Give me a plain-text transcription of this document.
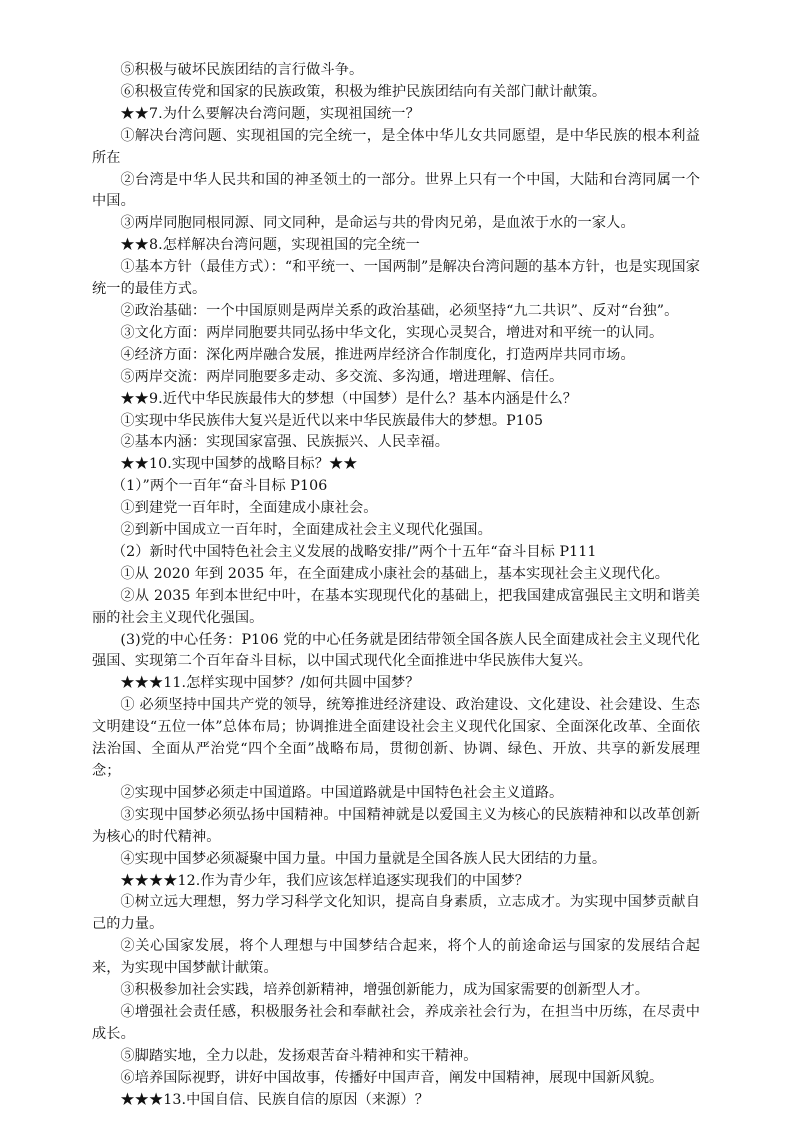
⑤积极与破坏民族团结的言行做斗争。

⑥积极宣传党和国家的民族政策，积极为维护民族团结向有关部门献计献策。

★★7.为什么要解决台湾问题，实现祖国统一？

①解决台湾问题、实现祖国的完全统一，是全体中华儿女共同愿望，是中华民族的根本利益所在

②台湾是中华人民共和国的神圣领土的一部分。世界上只有一个中国，大陆和台湾同属一个中国。

③两岸同胞同根同源、同文同种，是命运与共的骨肉兄弟，是血浓于水的一家人。

★★8.怎样解决台湾问题，实现祖国的完全统一

①基本方针（最佳方式）：“和平统一、一国两制”是解决台湾问题的基本方针，也是实现国家统一的最佳方式。

②政治基础：一个中国原则是两岸关系的政治基础，必须坚持“九二共识”、反对“台独”。

③文化方面：两岸同胞要共同弘扬中华文化，实现心灵契合，增进对和平统一的认同。

④经济方面：深化两岸融合发展，推进两岸经济合作制度化，打造两岸共同市场。

⑤两岸交流：两岸同胞要多走动、多交流、多沟通，增进理解、信任。

★★9.近代中华民族最伟大的梦想（中国梦）是什么？基本内涵是什么？

①实现中华民族伟大复兴是近代以来中华民族最伟大的梦想。P105

②基本内涵：实现国家富强、民族振兴、人民幸福。

★★10.实现中国梦的战略目标？★★

（1）”两个一百年“奋斗目标 P106

①到建党一百年时，全面建成小康社会。

②到新中国成立一百年时，全面建成社会主义现代化强国。

（2）新时代中国特色社会主义发展的战略安排/”两个十五年“奋斗目标 P111

①从 2020 年到 2035 年，在全面建成小康社会的基础上，基本实现社会主义现代化。

②从 2035 年到本世纪中叶，在基本实现现代化的基础上，把我国建成富强民主文明和谐美丽的社会主义现代化强国。

(3)党的中心任务：P106 党的中心任务就是团结带领全国各族人民全面建成社会主义现代化强国、实现第二个百年奋斗目标，以中国式现代化全面推进中华民族伟大复兴。

★★★11.怎样实现中国梦？/如何共圆中国梦？

① 必须坚持中国共产党的领导，统筹推进经济建设、政治建设、文化建设、社会建设、生态文明建设“五位一体”总体布局；协调推进全面建设社会主义现代化国家、全面深化改革、全面依法治国、全面从严治党“四个全面”战略布局，贯彻创新、协调、绿色、开放、共享的新发展理念；

②实现中国梦必须走中国道路。中国道路就是中国特色社会主义道路。

③实现中国梦必须弘扬中国精神。中国精神就是以爱国主义为核心的民族精神和以改革创新为核心的时代精神。

④实现中国梦必须凝聚中国力量。中国力量就是全国各族人民大团结的力量。

★★★★12.作为青少年，我们应该怎样追逐实现我们的中国梦？

①树立远大理想，努力学习科学文化知识，提高自身素质，立志成才。为实现中国梦贡献自己的力量。

②关心国家发展，将个人理想与中国梦结合起来，将个人的前途命运与国家的发展结合起来，为实现中国梦献计献策。

③积极参加社会实践，培养创新精神，增强创新能力，成为国家需要的创新型人才。

④增强社会责任感，积极服务社会和奉献社会，养成亲社会行为，在担当中历练，在尽责中成长。

⑤脚踏实地，全力以赴，发扬艰苦奋斗精神和实干精神。

⑥培养国际视野，讲好中国故事，传播好中国声音，阐发中国精神，展现中国新风貌。

★★★13.中国自信、民族自信的原因（来源）？
